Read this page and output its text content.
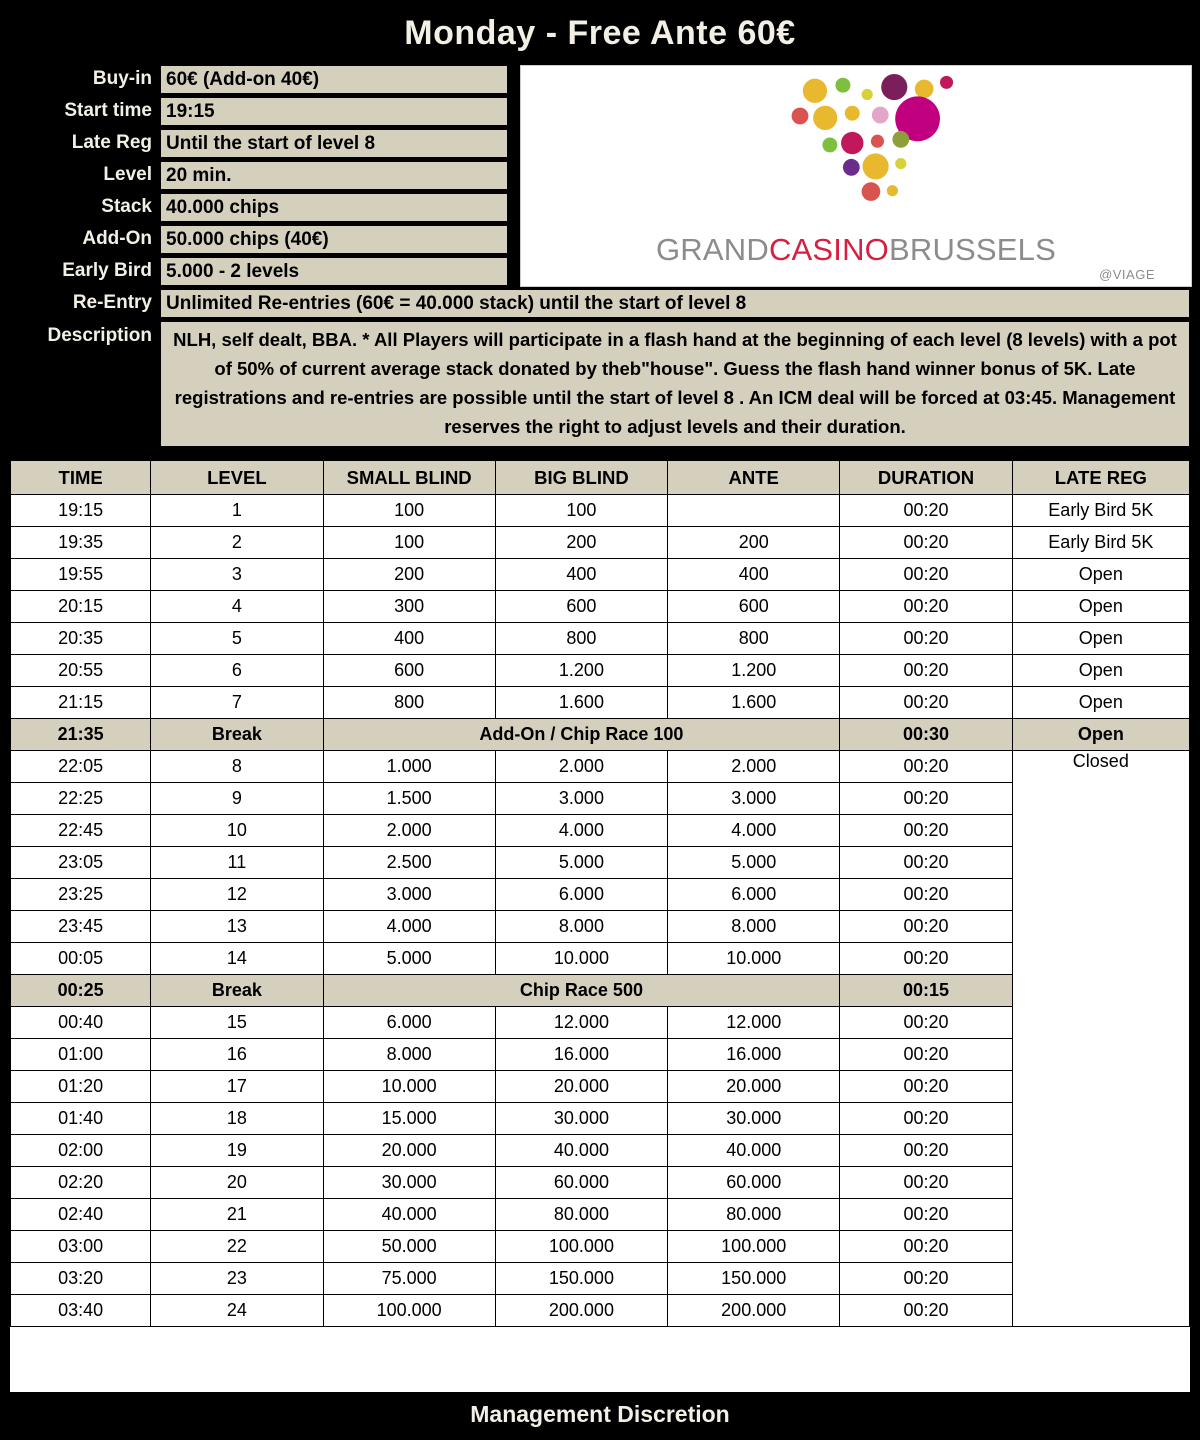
Monday - Free Ante 60€
Buy-in 60€ (Add-on 40€)
Start time 19:15
Late Reg Until the start of level 8
Level 20 min.
Stack 40.000 chips
Add-On 50.000 chips (40€)
Early Bird 5.000 - 2 levels
GRANDCASINOBRUSSELS
@VIAGE
Re-Entry Unlimited Re-entries (60€ = 40.000 stack) until the start of level 8
Description	NLH, self dealt, BBA. * All Players will participate in a flash hand at the beginning of each level (8 levels) with a pot of 50% of current average stack donated by theb"house". Guess the flash hand winner bonus of 5K. Late registrations and re-entries are possible until the start of level 8 . An ICM deal will be forced at 03:45. Management reserves the right to adjust levels and their duration.
TIME	LEVEL	SMALL BLIND	BIG BLIND	ANTE	DURATION	LATE REG
19:15	1	100	100		00:20	Early Bird 5K
19:35	2	100	200	200	00:20	Early Bird 5K
19:55	3	200	400	400	00:20	Open
20:15	4	300	600	600	00:20	Open
20:35	5	400	800	800	00:20	Open
20:55	6	600	1.200	1.200	00:20	Open
21:15	7	800	1.600	1.600	00:20	Open
21:35	Break	Add-On / Chip Race 100			00:30	Open
22:05	8	1.000	2.000	2.000	00:20	Closed
22:25	9	1.500	3.000	3.000	00:20	
22:45	10	2.000	4.000	4.000	00:20	
23:05	11	2.500	5.000	5.000	00:20	
23:25	12	3.000	6.000	6.000	00:20	
23:45	13	4.000	8.000	8.000	00:20	
00:05	14	5.000	10.000	10.000	00:20	
00:25	Break	Chip Race 500			00:15	
00:40	15	6.000	12.000	12.000	00:20	
01:00	16	8.000	16.000	16.000	00:20	
01:20	17	10.000	20.000	20.000	00:20	
01:40	18	15.000	30.000	30.000	00:20	
02:00	19	20.000	40.000	40.000	00:20	
02:20	20	30.000	60.000	60.000	00:20	
02:40	21	40.000	80.000	80.000	00:20	
03:00	22	50.000	100.000	100.000	00:20	
03:20	23	75.000	150.000	150.000	00:20	
03:40	24	100.000	200.000	200.000	00:20	
Management Discretion
